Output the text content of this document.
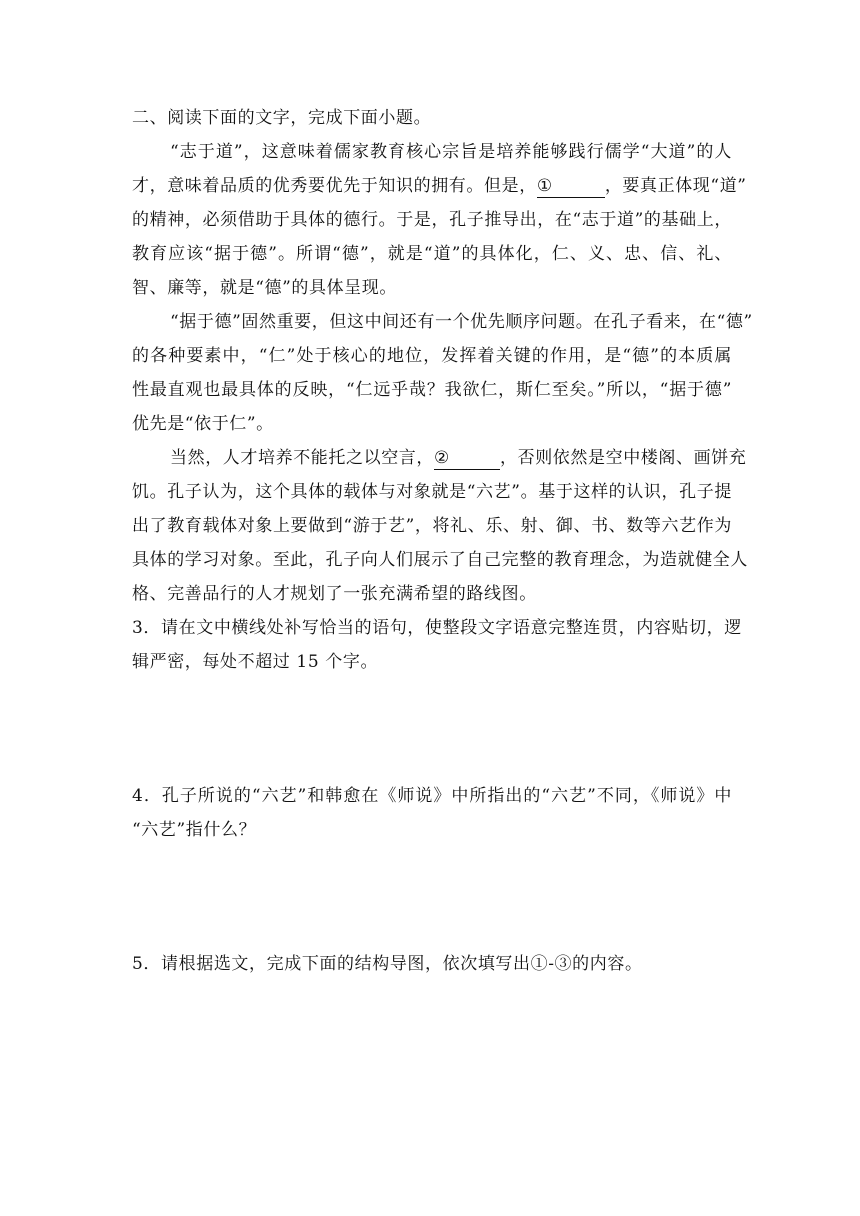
二、阅读下面的文字，完成下面小题。
“志于道”，这意味着儒家教育核心宗旨是培养能够践行儒学“大道”的人
才，意味着品质的优秀要优先于知识的拥有。但是，①	，要真正体现“道”
的精神，必须借助于具体的德行。于是，孔子推导出，在“志于道”的基础上，
教育应该“据于德”。所谓“德”，就是“道”的具体化，仁、义、忠、信、礼、
智、廉等，就是“德”的具体呈现。
“据于德”固然重要，但这中间还有一个优先顺序问题。在孔子看来，在“德”
的各种要素中，“仁”处于核心的地位，发挥着关键的作用，是“德”的本质属
性最直观也最具体的反映，“仁远乎哉？我欲仁，斯仁至矣。”所以，“据于德”
优先是“依于仁”。
当然，人才培养不能托之以空言，②	，否则依然是空中楼阁、画饼充
饥。孔子认为，这个具体的载体与对象就是“六艺”。基于这样的认识，孔子提
出了教育载体对象上要做到“游于艺”，将礼、乐、射、御、书、数等六艺作为
具体的学习对象。至此，孔子向人们展示了自己完整的教育理念，为造就健全人
格、完善品行的人才规划了一张充满希望的路线图。
3．请在文中横线处补写恰当的语句，使整段文字语意完整连贯，内容贴切，逻
辑严密，每处不超过 15 个字。
4．孔子所说的“六艺”和韩愈在《师说》中所指出的“六艺”不同，《师说》中
“六艺”指什么？
5．请根据选文，完成下面的结构导图，依次填写出①-③的内容。
